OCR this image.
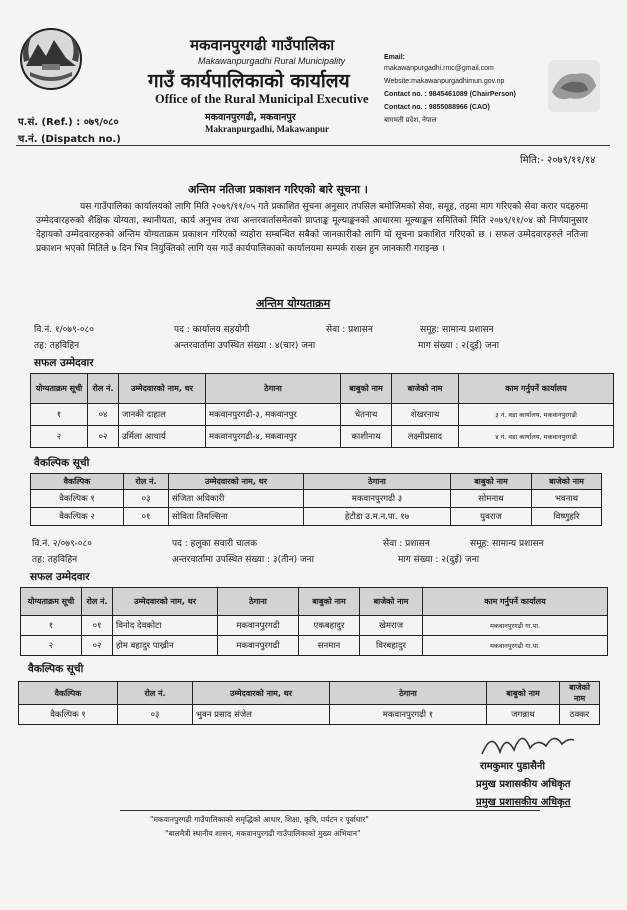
मकवानपुरगढी गाउँपालिका
Makawanpurgadhi Rural Municipality
गाउँ कार्यपालिकाको कार्यालय
Office of the Rural Municipal Executive
मकवानपुरगढी, मकवानपुर
Makranpurgadhi, Makawanpur
Email:
makawanpurgadhi.rmc@gmail.com
Website:makawanpurgadhimun.gov.np
Contact no. : 9845461089 (ChairPerson)
Contact no. : 9855088966 (CAO)
बागमती प्रदेश, नेपाल
प.सं. (Ref.) : ०७९/०८०
च.नं. (Dispatch no.)
मिति:- २०७९/११/१४
अन्तिम नतिजा प्रकाशन गरिएको बारे सूचना ।

यस गाउँपालिका कार्यालयको लागि मिति २०७९/११/०५ गते प्रकाशित सुचना अनुसार तपसिल बमोजिमको सेवा, समूह, तहमा माग गरिएको सेवा करार पदहरुमा उम्मेदवारहरुको शैक्षिक योग्यता, स्थानीयता, कार्य अनुभव तथा अन्तरवार्तासमेतको प्राप्ताङ्क मूल्याङ्कनको आधारमा मूल्याङ्कन समितिको मिति २०७९/११/०४ को निर्णयानुसार देहायको उम्मेदवारहरुको अन्तिम योग्यताक्रम प्रकाशन गरिएको व्यहोरा सम्बन्धित सबैको जानकारीको लागि यो सूचना प्रकाशित गरिएको छ । सफल उम्मेदवारहरुले नतिजा प्रकाशन भएको मितिले ७ दिन भित्र नियुक्तिको लागि यस गाउँ कार्यपालिकाको कार्यालयमा सम्पर्क राख्न हुन जानकारी गराइन्छ ।

अन्तिम योग्यताक्रम
वि.नं. १/०७९-०८०	पद : कार्यालय सहयोगी	सेवा : प्रशासन	समूह: सामान्य प्रशासन
तह: तहविहिन	अन्तरवार्तामा उपस्थित संख्या : ४(चार) जना	माग संख्या : २(दुई) जना
सफल उम्मेदवार
योग्यताक्रम सूची	रोल नं.	उम्मेदवारको नाम, थर	ठेगाना	बाबुको नाम	बाजेको नाम	काम गर्नुपर्ने कार्यालय
१	०४	जानकी दाहाल	मकवानपुरगढी-३, मकवानपुर	चेतनाथ	शेखरनाथ	३ नं. वडा कार्यालय, मकवानपुरगढी
२	०२	उर्मिला आचार्य	मकवानपुरगढी-४, मकवानपुर	काशीनाथ	लक्ष्मीप्रसाद	४ नं. वडा कार्यालय, मकवानपुरगढी
वैकल्पिक सूची
वैकल्पिक	रोल नं.	उम्मेदवारको नाम, थर	ठेगाना	बाबुको नाम	बाजेको नाम
वैकल्पिक १	०३	संजिता अधिकारी	मकवानपुरगढी ३	सोमनाथ	भवनाथ
वैकल्पिक २	०१	सोविता तिमल्सिना	हेटौडा उ.म.न.पा. १७	युवराज	विष्णुहरि
वि.नं. २/०७९-०८०	पद : हलुका सवारी चालक	सेवा : प्रशासन	समूह: सामान्य प्रशासन
तह: तहविहिन	अन्तरवार्तामा उपस्थित संख्या : ३(तीन) जना	माग संख्या : २(दुई) जना
सफल उम्मेदवार
योग्यताक्रम सूची	रोल नं.	उम्मेदवारको नाम, थर	ठेगाना	बाबुको नाम	बाजेको नाम	काम गर्नुपर्ने कार्यालय
१	०१	विनोद देवकोटा	मकवानपुरगढी	एकबहादुर	खेमराज	मकवानपुरगढी गा.पा.
२	०२	होम बहादुर पाख्रीन	मकवानपुरगढी	सनमान	विरबहादुर	मकवानपुरगढी गा.पा.
वैकल्पिक सूची
वैकल्पिक	रोल नं.	उम्मेदवारको नाम, थर	ठेगाना	बाबुको नाम	बाजेको नाम
वैकल्पिक १	०३	भुवन प्रसाद संजेल	मकवानपुरगढी १	जगन्नाथ	ठक्कर
रामकुमार पुडासैनी
प्रमुख प्रशासकीय अधिकृत
प्रमुख प्रशासकीय अधिकृत
"मकवानपुरगढी गाउँपालिकाको समृद्धिको आधार, शिक्षा, कृषि, पर्यटन र पूर्वाधार"
"बालमैत्री स्थानीय शासन, मकवानपुरगढी गाउँपालिकाको मुख्य अभियान"
